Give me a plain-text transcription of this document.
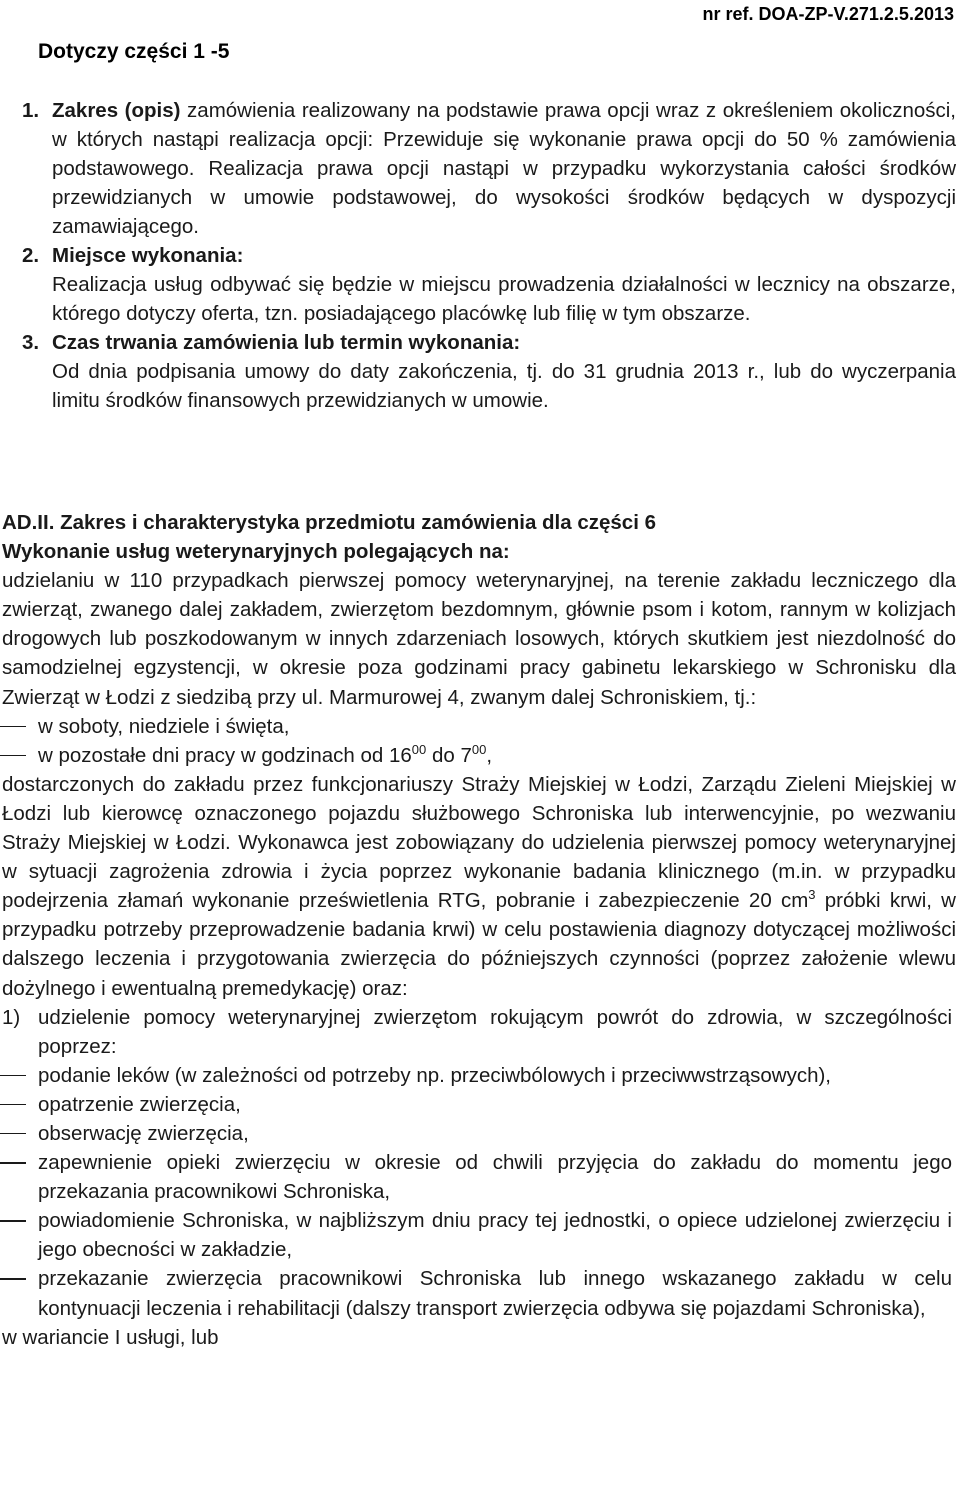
nr ref. DOA-ZP-V.271.2.5.2013
Dotyczy części 1 -5
1. Zakres (opis) zamówienia realizowany na podstawie prawa opcji wraz z określeniem okoliczności, w których nastąpi realizacja opcji: Przewiduje się wykonanie prawa opcji do 50 % zamówienia podstawowego. Realizacja prawa opcji nastąpi w przypadku wykorzystania całości środków przewidzianych w umowie podstawowej, do wysokości środków będących w dyspozycji zamawiającego.

2. Miejsce wykonania:

Realizacja usług odbywać się będzie w miejscu prowadzenia działalności w lecznicy na obszarze, którego dotyczy oferta, tzn. posiadającego placówkę lub filię w tym obszarze.

3. Czas trwania zamówienia lub termin wykonania:

Od dnia podpisania umowy do daty zakończenia, tj. do 31 grudnia 2013 r., lub do wyczerpania limitu środków finansowych przewidzianych w umowie.

AD.II. Zakres i charakterystyka przedmiotu zamówienia dla części 6

Wykonanie usług weterynaryjnych polegających na:

udzielaniu w 110 przypadkach pierwszej pomocy weterynaryjnej, na terenie zakładu leczniczego dla zwierząt, zwanego dalej zakładem, zwierzętom bezdomnym, głównie psom i kotom, rannym w kolizjach drogowych lub poszkodowanym w innych zdarzeniach losowych, których skutkiem jest niezdolność do samodzielnej egzystencji, w okresie poza godzinami pracy gabinetu lekarskiego w Schronisku dla Zwierząt w Łodzi z siedzibą przy ul. Marmurowej 4, zwanym dalej Schroniskiem, tj.:

w soboty, niedziele i święta,
w pozostałe dni pracy w godzinach od $16^{00}$ do $7^{00}$,

dostarczonych do zakładu przez funkcjonariuszy Straży Miejskiej w Łodzi, Zarządu Zieleni Miejskiej w Łodzi lub kierowcę oznaczonego pojazdu służbowego Schroniska lub interwencyjnie, po wezwaniu Straży Miejskiej w Łodzi. Wykonawca jest zobowiązany do udzielenia pierwszej pomocy weterynaryjnej w sytuacji zagrożenia zdrowia i życia poprzez wykonanie badania klinicznego (m.in. w przypadku podejrzenia złamań wykonanie prześwietlenia RTG, pobranie i zabezpieczenie 20 $cm^3$ próbki krwi, w przypadku potrzeby przeprowadzenie badania krwi) w celu postawienia diagnozy dotyczącej możliwości dalszego leczenia i przygotowania zwierzęcia do późniejszych czynności (poprzez założenie wlewu dożylnego i ewentualną premedykację) oraz:

1) udzielenie pomocy weterynaryjnej zwierzętom rokującym powrót do zdrowia, w szczególności poprzez:
podanie leków (w zależności od potrzeby np. przeciwbólowych i przeciwwstrząsowych),
opatrzenie zwierzęcia,
obserwację zwierzęcia,
zapewnienie opieki zwierzęciu w okresie od chwili przyjęcia do zakładu do momentu jego przekazania pracownikowi Schroniska,
powiadomienie Schroniska, w najbliższym dniu pracy tej jednostki, o opiece udzielonej zwierzęciu i jego obecności w zakładzie,
przekazanie zwierzęcia pracownikowi Schroniska lub innego wskazanego zakładu w celu kontynuacji leczenia i rehabilitacji (dalszy transport zwierzęcia odbywa się pojazdami Schroniska),

w wariancie I usługi, lub
